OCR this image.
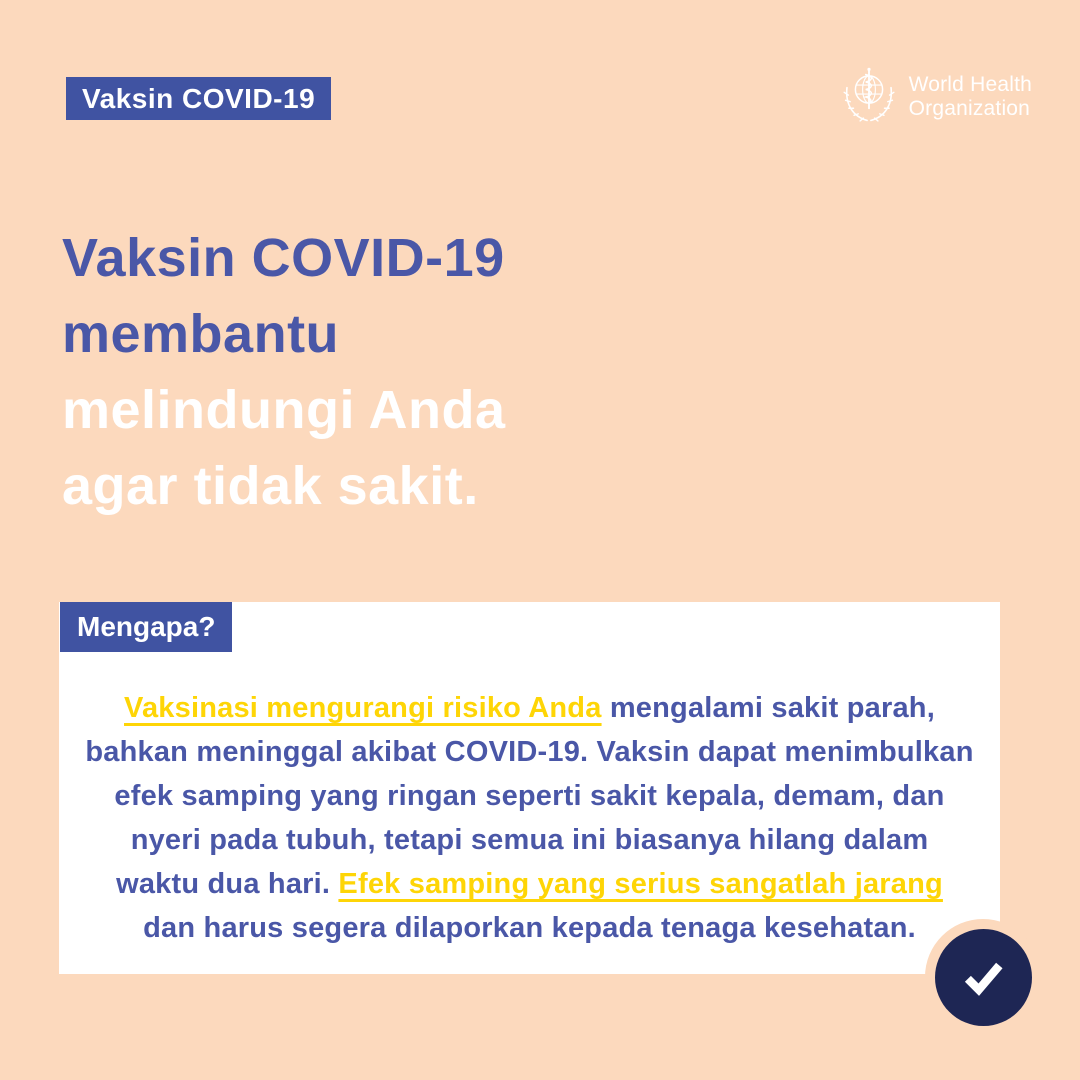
Vaksin COVID-19	World Health
Organization
Vaksin COVID-19
membantu
melindungi Anda
agar tidak sakit.
Mengapa?
Vaksinasi mengurangi risiko Anda mengalami sakit parah,
bahkan meninggal akibat COVID-19. Vaksin dapat menimbulkan
efek samping yang ringan seperti sakit kepala, demam, dan
nyeri pada tubuh, tetapi semua ini biasanya hilang dalam
waktu dua hari. Efek samping yang serius sangatlah jarang
dan harus segera dilaporkan kepada tenaga kesehatan.
